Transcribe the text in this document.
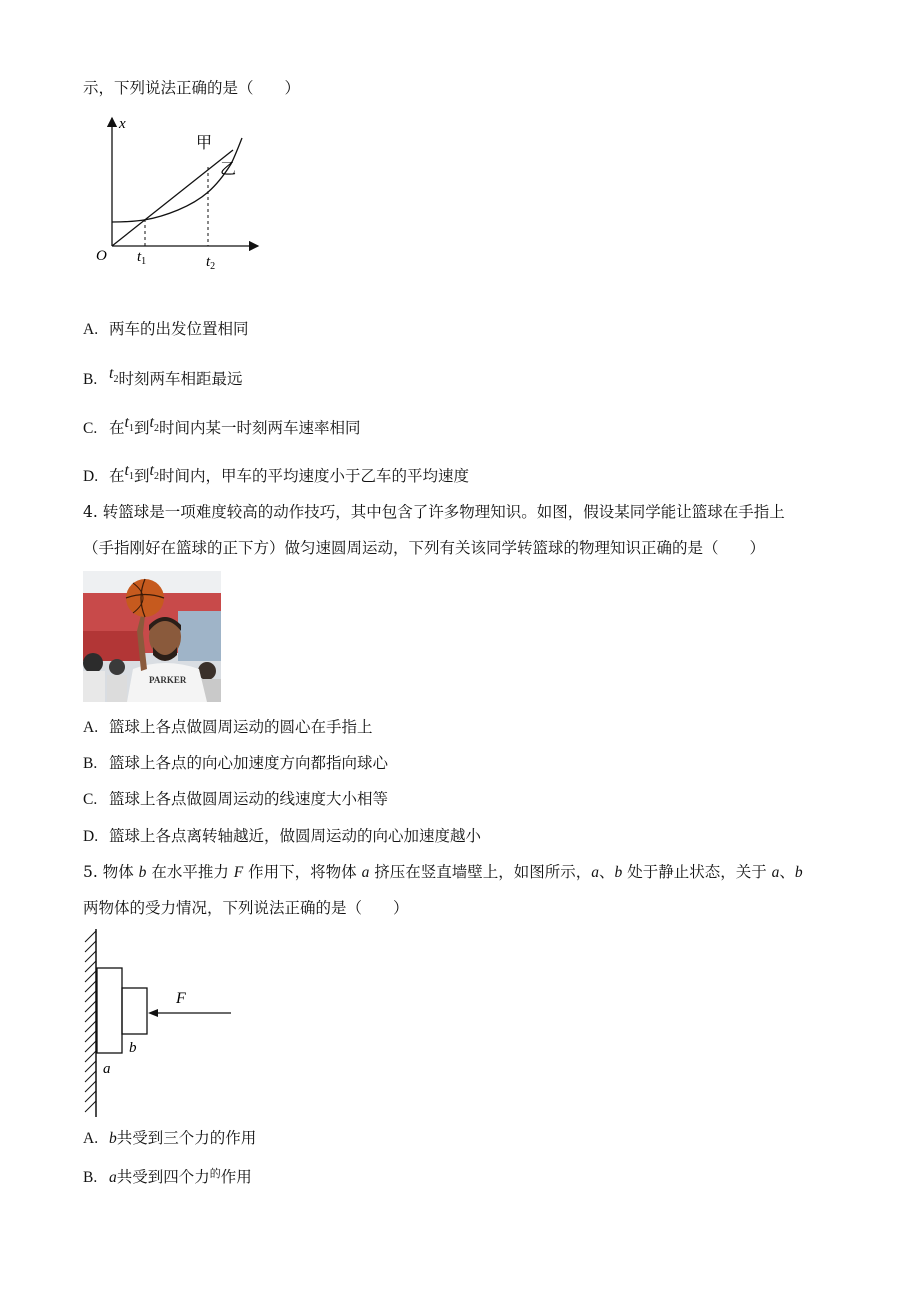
示，下列说法正确的是（　　）
x
O
甲
乙
$t_1$	$t_2$
A. 两车的出发位置相同
B. $t_2$时刻两车相距最远
C. 在$t_1$到$t_2$时间内某一时刻两车速率相同
D. 在$t_1$到$t_2$时间内，甲车的平均速度小于乙车的平均速度
4. 转篮球是一项难度较高的动作技巧，其中包含了许多物理知识。如图，假设某同学能让篮球在手指上
（手指刚好在篮球的正下方）做匀速圆周运动，下列有关该同学转篮球的物理知识正确的是（　　）
PARKER
A. 篮球上各点做圆周运动的圆心在手指上
B. 篮球上各点的向心加速度方向都指向球心
C. 篮球上各点做圆周运动的线速度大小相等
D. 篮球上各点离转轴越近，做圆周运动的向心加速度越小
5. 物体 b 在水平推力 F 作用下，将物体 a 挤压在竖直墙壁上，如图所示，a、b 处于静止状态，关于 a、b
两物体的受力情况，下列说法正确的是（　　）
F
b
a
A. b共受到三个力的作用
B. a共受到四个力$^的$作用
